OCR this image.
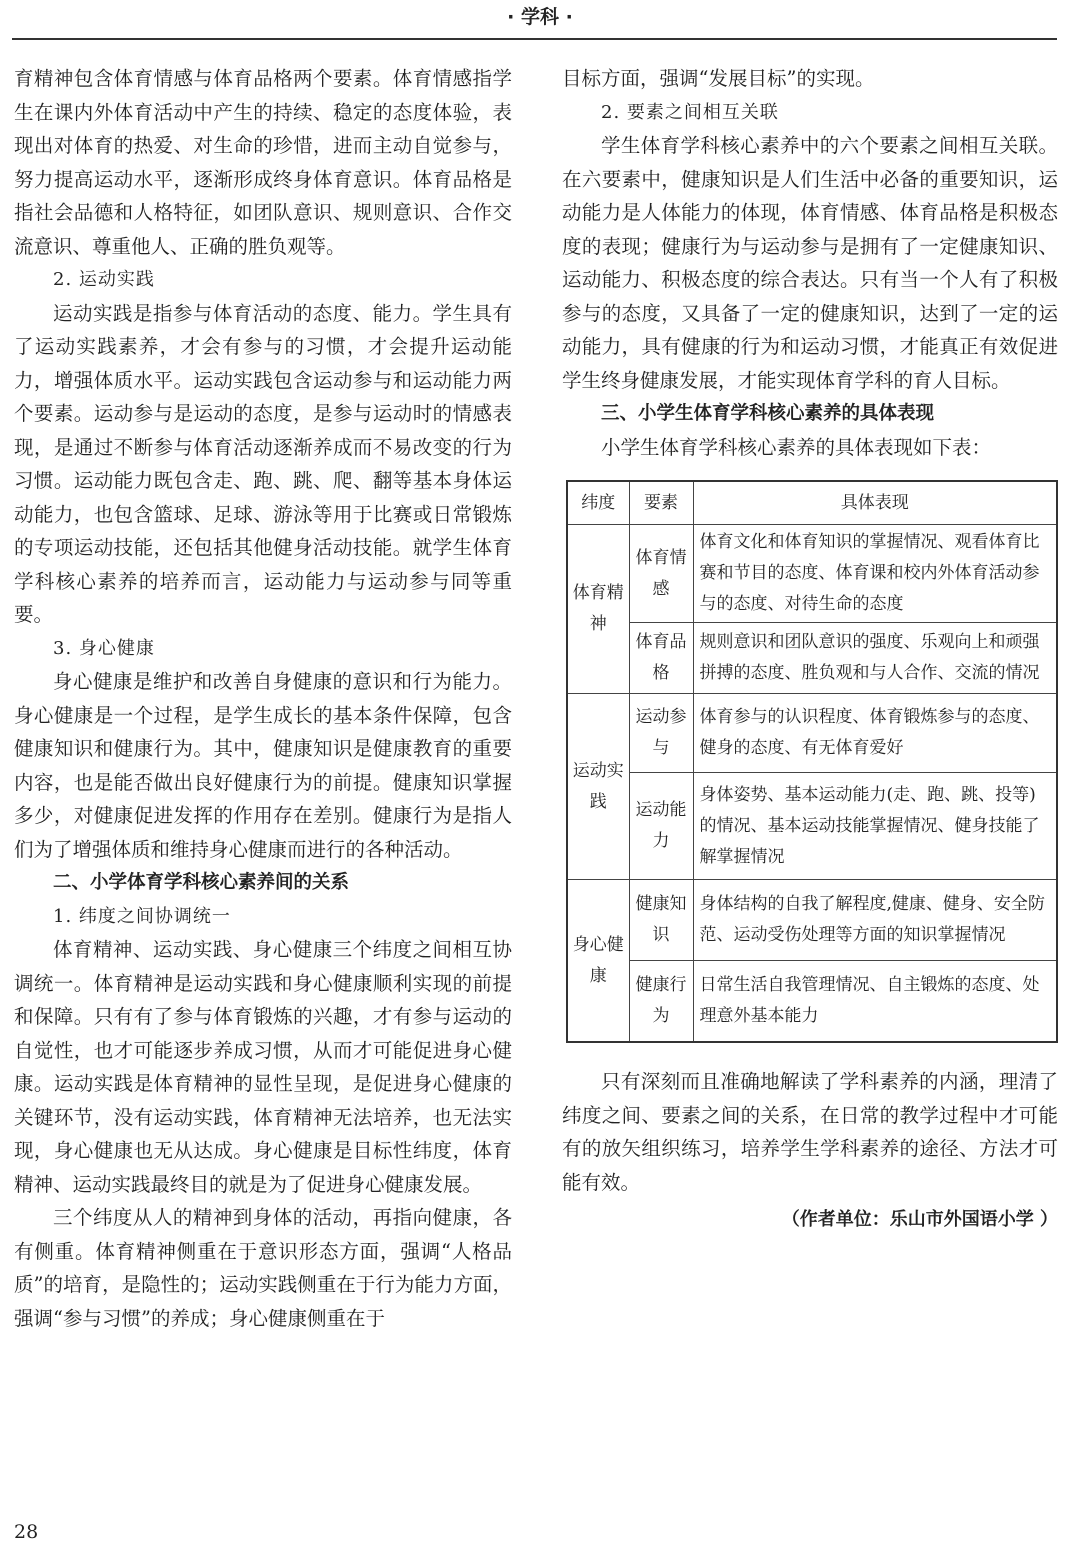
· 学科 ·

育精神包含体育情感与体育品格两个要素。体育情感指学生在课内外体育活动中产生的持续、稳定的态度体验，表现出对体育的热爱、对生命的珍惜，进而主动自觉参与，努力提高运动水平，逐渐形成终身体育意识。体育品格是指社会品德和人格特征，如团队意识、规则意识、合作交流意识、尊重他人、正确的胜负观等。

2. 运动实践

运动实践是指参与体育活动的态度、能力。学生具有了运动实践素养，才会有参与的习惯，才会提升运动能力，增强体质水平。运动实践包含运动参与和运动能力两个要素。运动参与是运动的态度，是参与运动时的情感表现，是通过不断参与体育活动逐渐养成而不易改变的行为习惯。运动能力既包含走、跑、跳、爬、翻等基本身体运动能力，也包含篮球、足球、游泳等用于比赛或日常锻炼的专项运动技能，还包括其他健身活动技能。就学生体育学科核心素养的培养而言，运动能力与运动参与同等重要。

3. 身心健康

身心健康是维护和改善自身健康的意识和行为能力。身心健康是一个过程，是学生成长的基本条件保障，包含健康知识和健康行为。其中，健康知识是健康教育的重要内容，也是能否做出良好健康行为的前提。健康知识掌握多少，对健康促进发挥的作用存在差别。健康行为是指人们为了增强体质和维持身心健康而进行的各种活动。

二、小学体育学科核心素养间的关系

1. 纬度之间协调统一

体育精神、运动实践、身心健康三个纬度之间相互协调统一。体育精神是运动实践和身心健康顺利实现的前提和保障。只有有了参与体育锻炼的兴趣，才有参与运动的自觉性，也才可能逐步养成习惯，从而才可能促进身心健康。运动实践是体育精神的显性呈现，是促进身心健康的关键环节，没有运动实践，体育精神无法培养，也无法实现，身心健康也无从达成。身心健康是目标性纬度，体育精神、运动实践最终目的就是为了促进身心健康发展。

三个纬度从人的精神到身体的活动，再指向健康，各有侧重。体育精神侧重在于意识形态方面，强调“人格品质”的培育，是隐性的；运动实践侧重在于行为能力方面，强调“参与习惯”的养成；身心健康侧重在于

目标方面，强调“发展目标”的实现。

2. 要素之间相互关联

学生体育学科核心素养中的六个要素之间相互关联。在六要素中，健康知识是人们生活中必备的重要知识，运动能力是人体能力的体现，体育情感、体育品格是积极态度的表现；健康行为与运动参与是拥有了一定健康知识、运动能力、积极态度的综合表达。只有当一个人有了积极参与的态度，又具备了一定的健康知识，达到了一定的运动能力，具有健康的行为和运动习惯，才能真正有效促进学生终身健康发展，才能实现体育学科的育人目标。

三、小学生体育学科核心素养的具体表现

小学生体育学科核心素养的具体表现如下表：

纬度	要素	具体表现
体育精神	体育情感	体育文化和体育知识的掌握情况、观看体育比赛和节目的态度、体育课和校内外体育活动参与的态度、对待生命的态度
	体育品格	规则意识和团队意识的强度、乐观向上和顽强拼搏的态度、胜负观和与人合作、交流的情况
运动实践	运动参与	体育参与的认识程度、体育锻炼参与的态度、健身的态度、有无体育爱好
	运动能力	身体姿势、基本运动能力(走、跑、跳、投等)的情况、基本运动技能掌握情况、健身技能了解掌握情况
身心健康	健康知识	身体结构的自我了解程度,健康、健身、安全防范、运动受伤处理等方面的知识掌握情况
	健康行为	日常生活自我管理情况、自主锻炼的态度、处理意外基本能力

只有深刻而且准确地解读了学科素养的内涵，理清了纬度之间、要素之间的关系，在日常的教学过程中才可能有的放矢组织练习，培养学生学科素养的途径、方法才可能有效。

（作者单位：乐山市外国语小学 ）

28
